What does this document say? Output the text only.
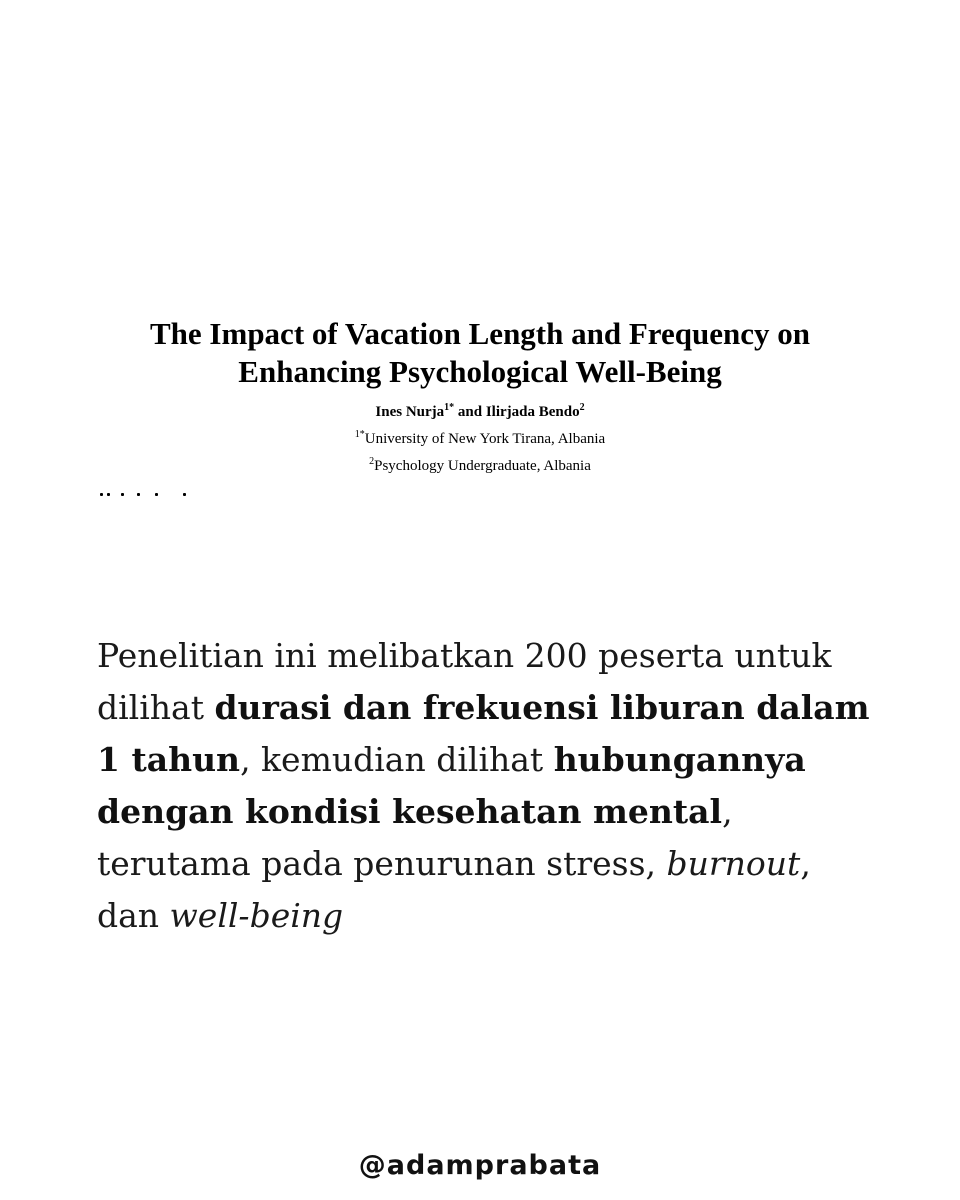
The Impact of Vacation Length and Frequency on
Enhancing Psychological Well-Being
Ines Nurja$^{1*}$ and Ilirjada Bendo$^2$
$^{1*}$University of New York Tirana, Albania
$^2$Psychology Undergraduate, Albania
Penelitian ini melibatkan 200 peserta untuk dilihat durasi dan frekuensi liburan dalam 1 tahun, kemudian dilihat hubungannya dengan kondisi kesehatan mental, terutama pada penurunan stress, burnout, dan well-being
@adamprabata
